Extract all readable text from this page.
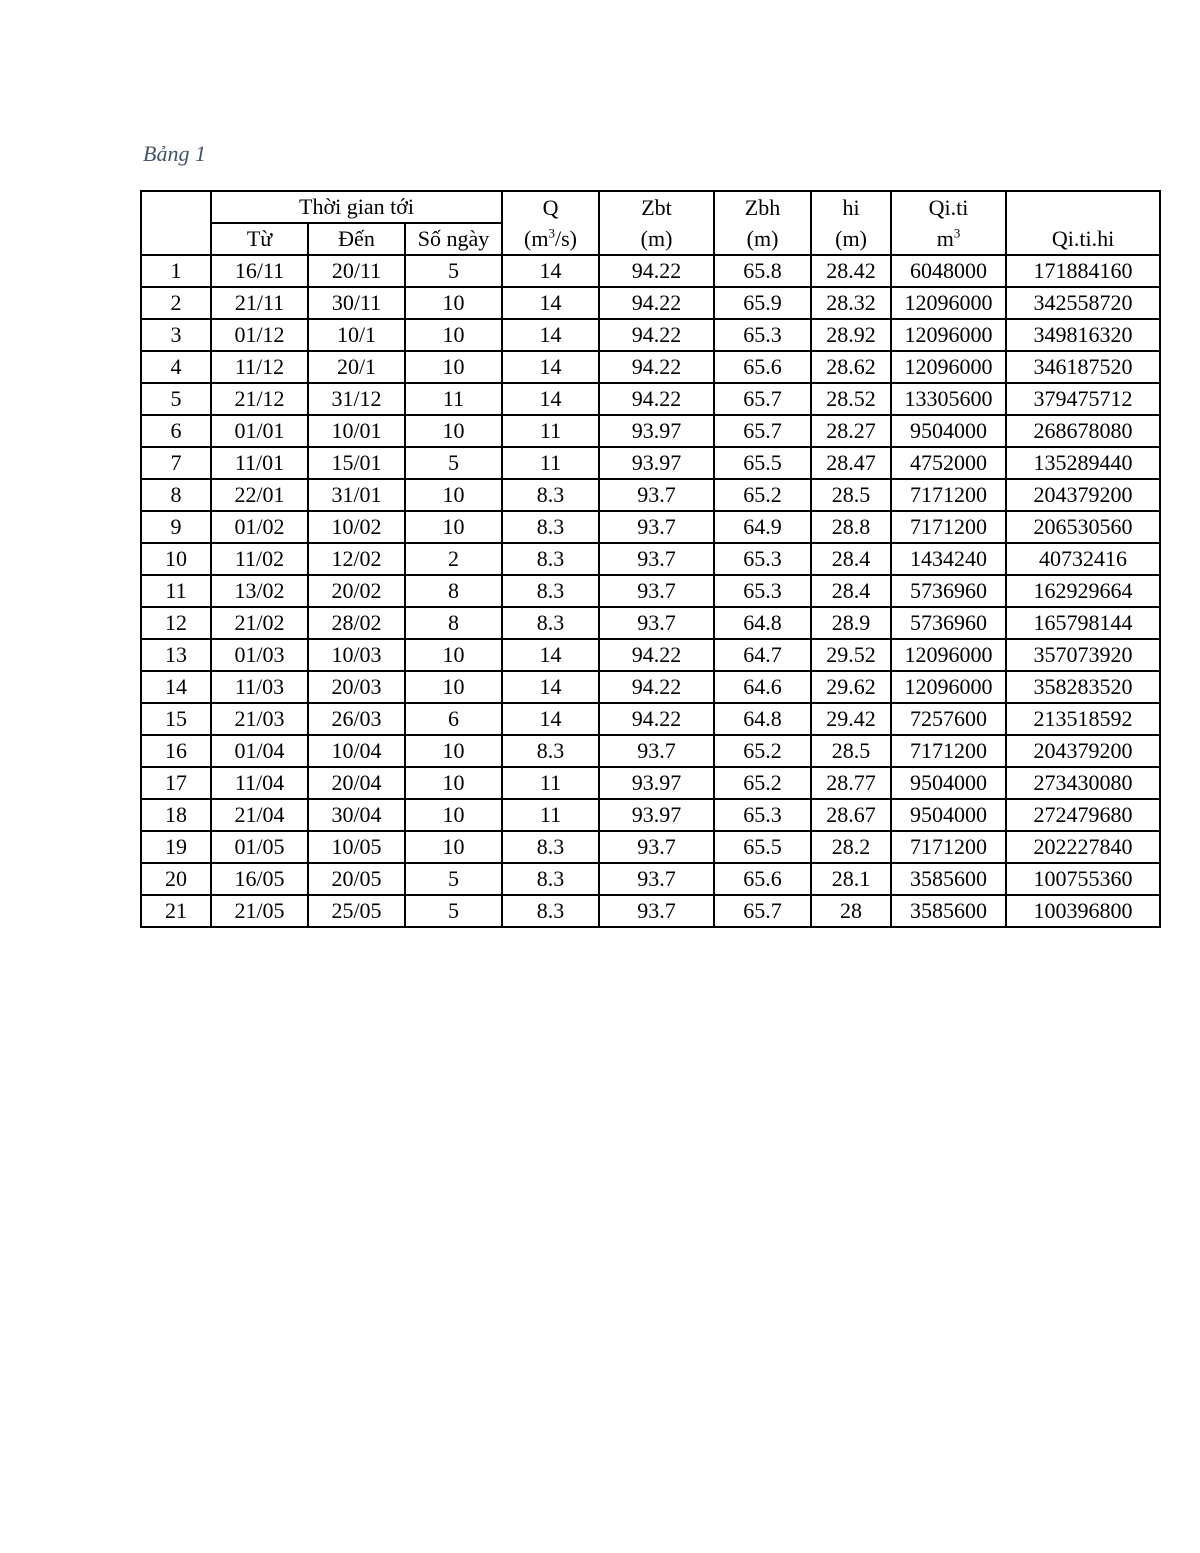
Bảng 1
	Thời gian tới			Q	Zbt	Zbh	hi	Qi.ti	
	Từ	Đến	Số ngày	$(m^3/s)$	(m)	(m)	(m)	$m^3$	Qi.ti.hi
1	16/11	20/11	5	14	94.22	65.8	28.42	6048000	171884160
2	21/11	30/11	10	14	94.22	65.9	28.32	12096000	342558720
3	01/12	10/1	10	14	94.22	65.3	28.92	12096000	349816320
4	11/12	20/1	10	14	94.22	65.6	28.62	12096000	346187520
5	21/12	31/12	11	14	94.22	65.7	28.52	13305600	379475712
6	01/01	10/01	10	11	93.97	65.7	28.27	9504000	268678080
7	11/01	15/01	5	11	93.97	65.5	28.47	4752000	135289440
8	22/01	31/01	10	8.3	93.7	65.2	28.5	7171200	204379200
9	01/02	10/02	10	8.3	93.7	64.9	28.8	7171200	206530560
10	11/02	12/02	2	8.3	93.7	65.3	28.4	1434240	40732416
11	13/02	20/02	8	8.3	93.7	65.3	28.4	5736960	162929664
12	21/02	28/02	8	8.3	93.7	64.8	28.9	5736960	165798144
13	01/03	10/03	10	14	94.22	64.7	29.52	12096000	357073920
14	11/03	20/03	10	14	94.22	64.6	29.62	12096000	358283520
15	21/03	26/03	6	14	94.22	64.8	29.42	7257600	213518592
16	01/04	10/04	10	8.3	93.7	65.2	28.5	7171200	204379200
17	11/04	20/04	10	11	93.97	65.2	28.77	9504000	273430080
18	21/04	30/04	10	11	93.97	65.3	28.67	9504000	272479680
19	01/05	10/05	10	8.3	93.7	65.5	28.2	7171200	202227840
20	16/05	20/05	5	8.3	93.7	65.6	28.1	3585600	100755360
21	21/05	25/05	5	8.3	93.7	65.7	28	3585600	100396800
